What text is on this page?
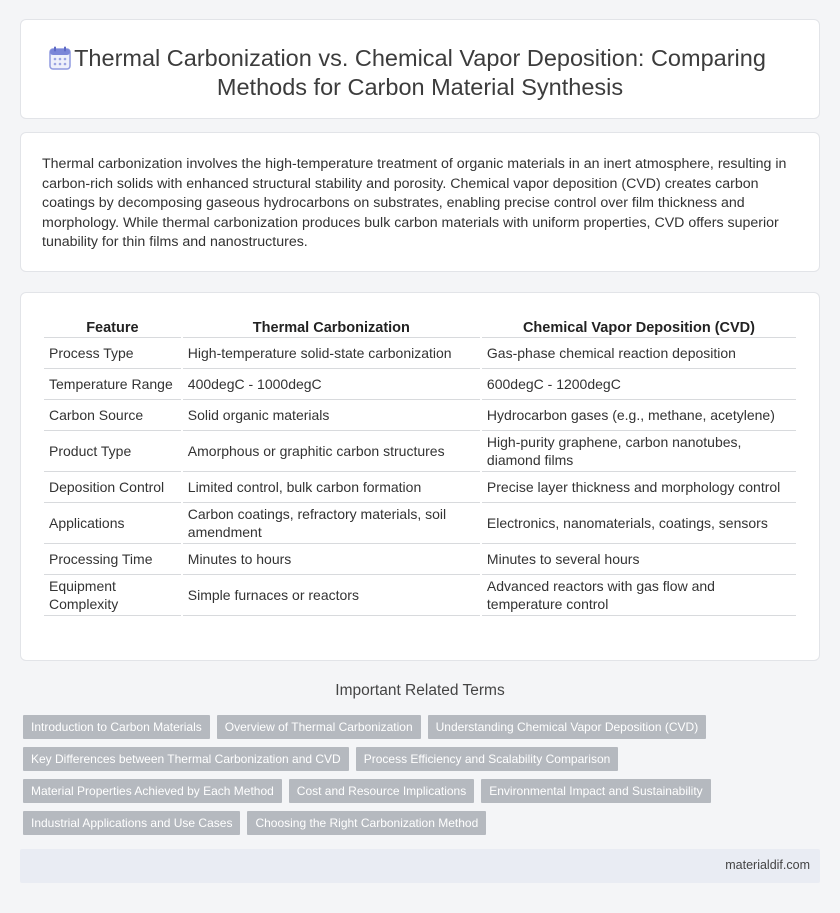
Thermal Carbonization vs. Chemical Vapor Deposition: Comparing Methods for Carbon Material Synthesis

Thermal carbonization involves the high-temperature treatment of organic materials in an inert atmosphere, resulting in carbon-rich solids with enhanced structural stability and porosity. Chemical vapor deposition (CVD) creates carbon coatings by decomposing gaseous hydrocarbons on substrates, enabling precise control over film thickness and morphology. While thermal carbonization produces bulk carbon materials with uniform properties, CVD offers superior tunability for thin films and nanostructures.

Feature	Thermal Carbonization	Chemical Vapor Deposition (CVD)
Process Type	High-temperature solid-state carbonization	Gas-phase chemical reaction deposition
Temperature Range	400degC - 1000degC	600degC - 1200degC
Carbon Source	Solid organic materials	Hydrocarbon gases (e.g., methane, acetylene)
Product Type	Amorphous or graphitic carbon structures	High-purity graphene, carbon nanotubes, diamond films
Deposition Control	Limited control, bulk carbon formation	Precise layer thickness and morphology control
Applications	Carbon coatings, refractory materials, soil amendment	Electronics, nanomaterials, coatings, sensors
Processing Time	Minutes to hours	Minutes to several hours
Equipment Complexity	Simple furnaces or reactors	Advanced reactors with gas flow and temperature control
Important Related Terms
Introduction to Carbon Materials	Overview of Thermal Carbonization	Understanding Chemical Vapor Deposition (CVD)
Key Differences between Thermal Carbonization and CVD	Process Efficiency and Scalability Comparison
Material Properties Achieved by Each Method	Cost and Resource Implications	Environmental Impact and Sustainability
Industrial Applications and Use Cases	Choosing the Right Carbonization Method
materialdif.com
